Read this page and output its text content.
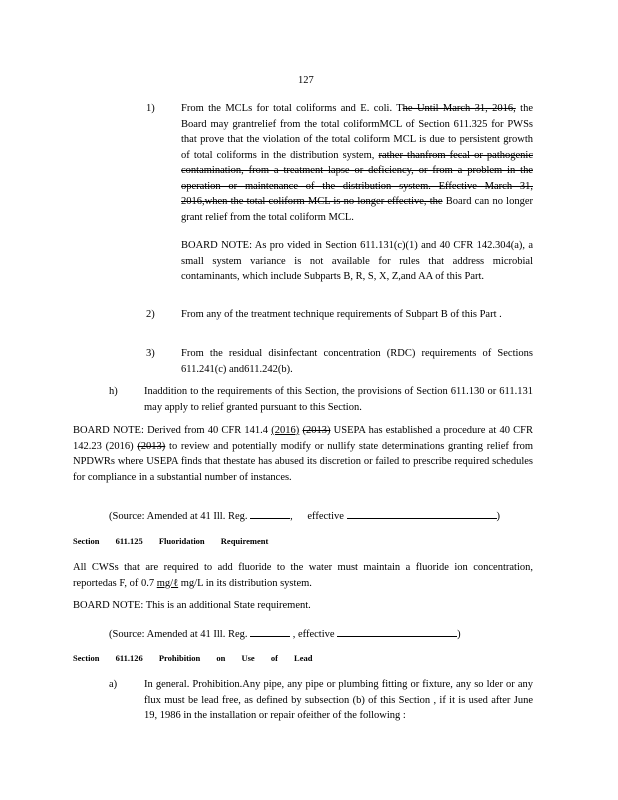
127
1)	From the MCLs for total coliforms and E. coli. The Until March 31, 2016, the Board may grantrelief from the total coliformMCL of Section 611.325 for PWSs that prove that the violation of the total coliform MCL is due to persistent growth of total coliforms in the distribution system, rather thanfrom fecal or pathogenic contamination, from a treatment lapse or deficiency, or from a problem in the operation or maintenance of the distribution system. Effective March 31, 2016,when the total coliform MCL is no longer effective, the Board can no longer grant relief from the total coliform MCL.
BOARD NOTE: As pro vided in Section 611.131(c)(1) and 40 CFR 142.304(a), a small system variance is not available for rules that address microbial contaminants, which include Subparts B, R, S, X, Z,and AA of this Part.
2)	From any of the treatment technique requirements of Subpart B of this Part .
3)	From the residual disinfectant concentration (RDC) requirements of Sections 611.241(c) and611.242(b).
h)	Inaddition to the requirements of this Section, the provisions of Section 611.130 or 611.131 may apply to relief granted pursuant to this Section.
BOARD NOTE: Derived from 40 CFR 141.4 (2016) (2013) USEPA has established a procedure at 40 CFR 142.23 (2016) (2013) to review and potentially modify or nullify state determinations granting relief from NPDWRs where USEPA finds that thestate has abused its discretion or failed to prescribe required schedules for compliance in a substantial number of instances.
(Source: Amended at 41 Ill. Reg.	, effective	)
Section 611.125 Fluoridation Requirement
All CWSs that are required to add fluoride to the water must maintain a fluoride ion concentration, reportedas F, of 0.7 mg/ℓ mg/L in its distribution system.
BOARD NOTE: This is an additional State requirement.
(Source: Amended at 41 Ill. Reg.	, effective	)
Section 611.126 Prohibition on Use of Lead
a)	In general. Prohibition.Any pipe, any pipe or plumbing fitting or fixture, any so lder or any flux must be lead free, as defined by subsection (b) of this Section , if it is used after June 19, 1986 in the installation or repair ofeither of the following :
